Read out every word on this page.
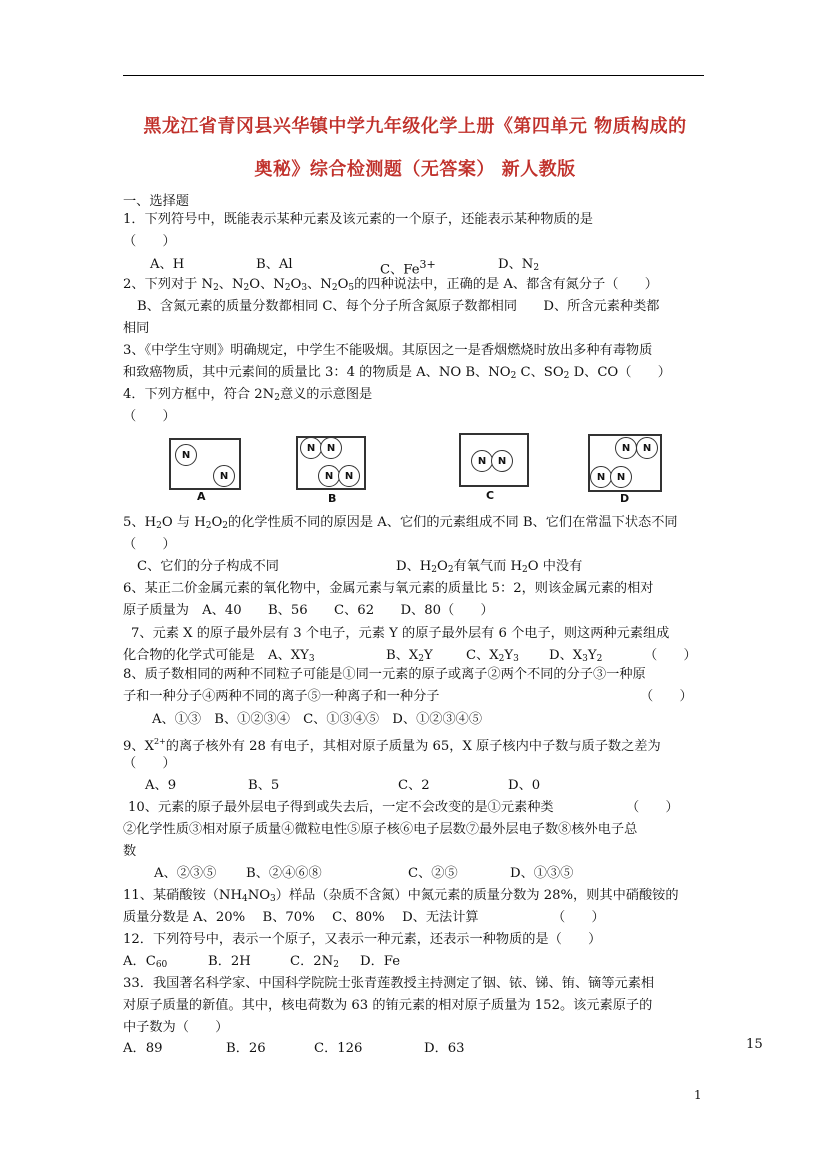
黑龙江省青冈县兴华镇中学九年级化学上册《第四单元 物质构成的
奥秘》综合检测题（无答案） 新人教版
一、选择题
1．下列符号中，既能表示某种元素及该元素的一个原子，还能表示某种物质的是
（　　）
A、H	B、Al	C、$Fe^{3+}$	D、$N_2$
2、下列对于 $N_2$、$N_2O$、$N_2O_3$、$N_2O_5$的四种说法中，正确的是 A、都含有氮分子（　　）
B、含氮元素的质量分数都相同 C、每个分子所含氮原子数都相同　　D、所含元素种类都
相同
3、《中学生守则》明确规定，中学生不能吸烟。其原因之一是香烟燃烧时放出多种有毒物质
和致癌物质，其中元素间的质量比 3：4 的物质是 A、NO B、$NO_2$ C、$SO_2$ D、CO（　　）
4．下列方框中，符合 $2N_2$意义的示意图是
（　　）
N
N
A
N	N
N	N
B
N	N
C
N	N
N	N
D
5、$H_2O$ 与 $H_2O_2$的化学性质不同的原因是 A、它们的元素组成不同 B、它们在常温下状态不同
（　　）
C、它们的分子构成不同	D、$H_2O_2$有氧气而 $H_2O$ 中没有
6、某正二价金属元素的氧化物中，金属元素与氧元素的质量比 5：2，则该金属元素的相对
原子质量为　A、40　　B、56　　C、62　　D、80（　　）
7、元素 X 的原子最外层有 3 个电子，元素 Y 的原子最外层有 6 个电子，则这两种元素组成
化合物的化学式可能是　A、$XY_3$	B、$X_2Y$	C、$X_2Y_3$ D、$X_3Y_2$	（　　）
8、质子数相同的两种不同粒子可能是①同一元素的原子或离子②两个不同的分子③一种原
子和一种分子④两种不同的离子⑤一种离子和一种分子	（　　）
A、①③　B、①②③④　C、①③④⑤　D、①②③④⑤
9、$X^{2+}$的离子核外有 28 有电子，其相对原子质量为 65，X 原子核内中子数与质子数之差为
（　　）
A、9	B、5	C、2	D、0
10、元素的原子最外层电子得到或失去后，一定不会改变的是①元素种类	（　　）
②化学性质③相对原子质量④微粒电性⑤原子核⑥电子层数⑦最外层电子数⑧核外电子总
数
A、②③⑤ B、②④⑥⑧	C、②⑤	D、①③⑤
11、某硝酸铵$(NH_4NO_3)$样品（杂质不含氮）中氮元素的质量分数为 28%，则其中硝酸铵的
质量分数是 A、20%　 B、70%　 C、80%　 D、无法计算	（　　）
12．下列符号中，表示一个原子，又表示一种元素，还表示一种物质的是（　　）
A．$C_{60}$	B．2H	C．$2N_2$ D．Fe
33．我国著名科学家、中国科学院院士张青莲教授主持测定了铟、铱、锑、铕、镝等元素相
对原子质量的新值。其中，核电荷数为 63 的铕元素的相对原子质量为 152。该元素原子的
中子数为（　　）
A．89	B．26	C．126	D．63	15
1
